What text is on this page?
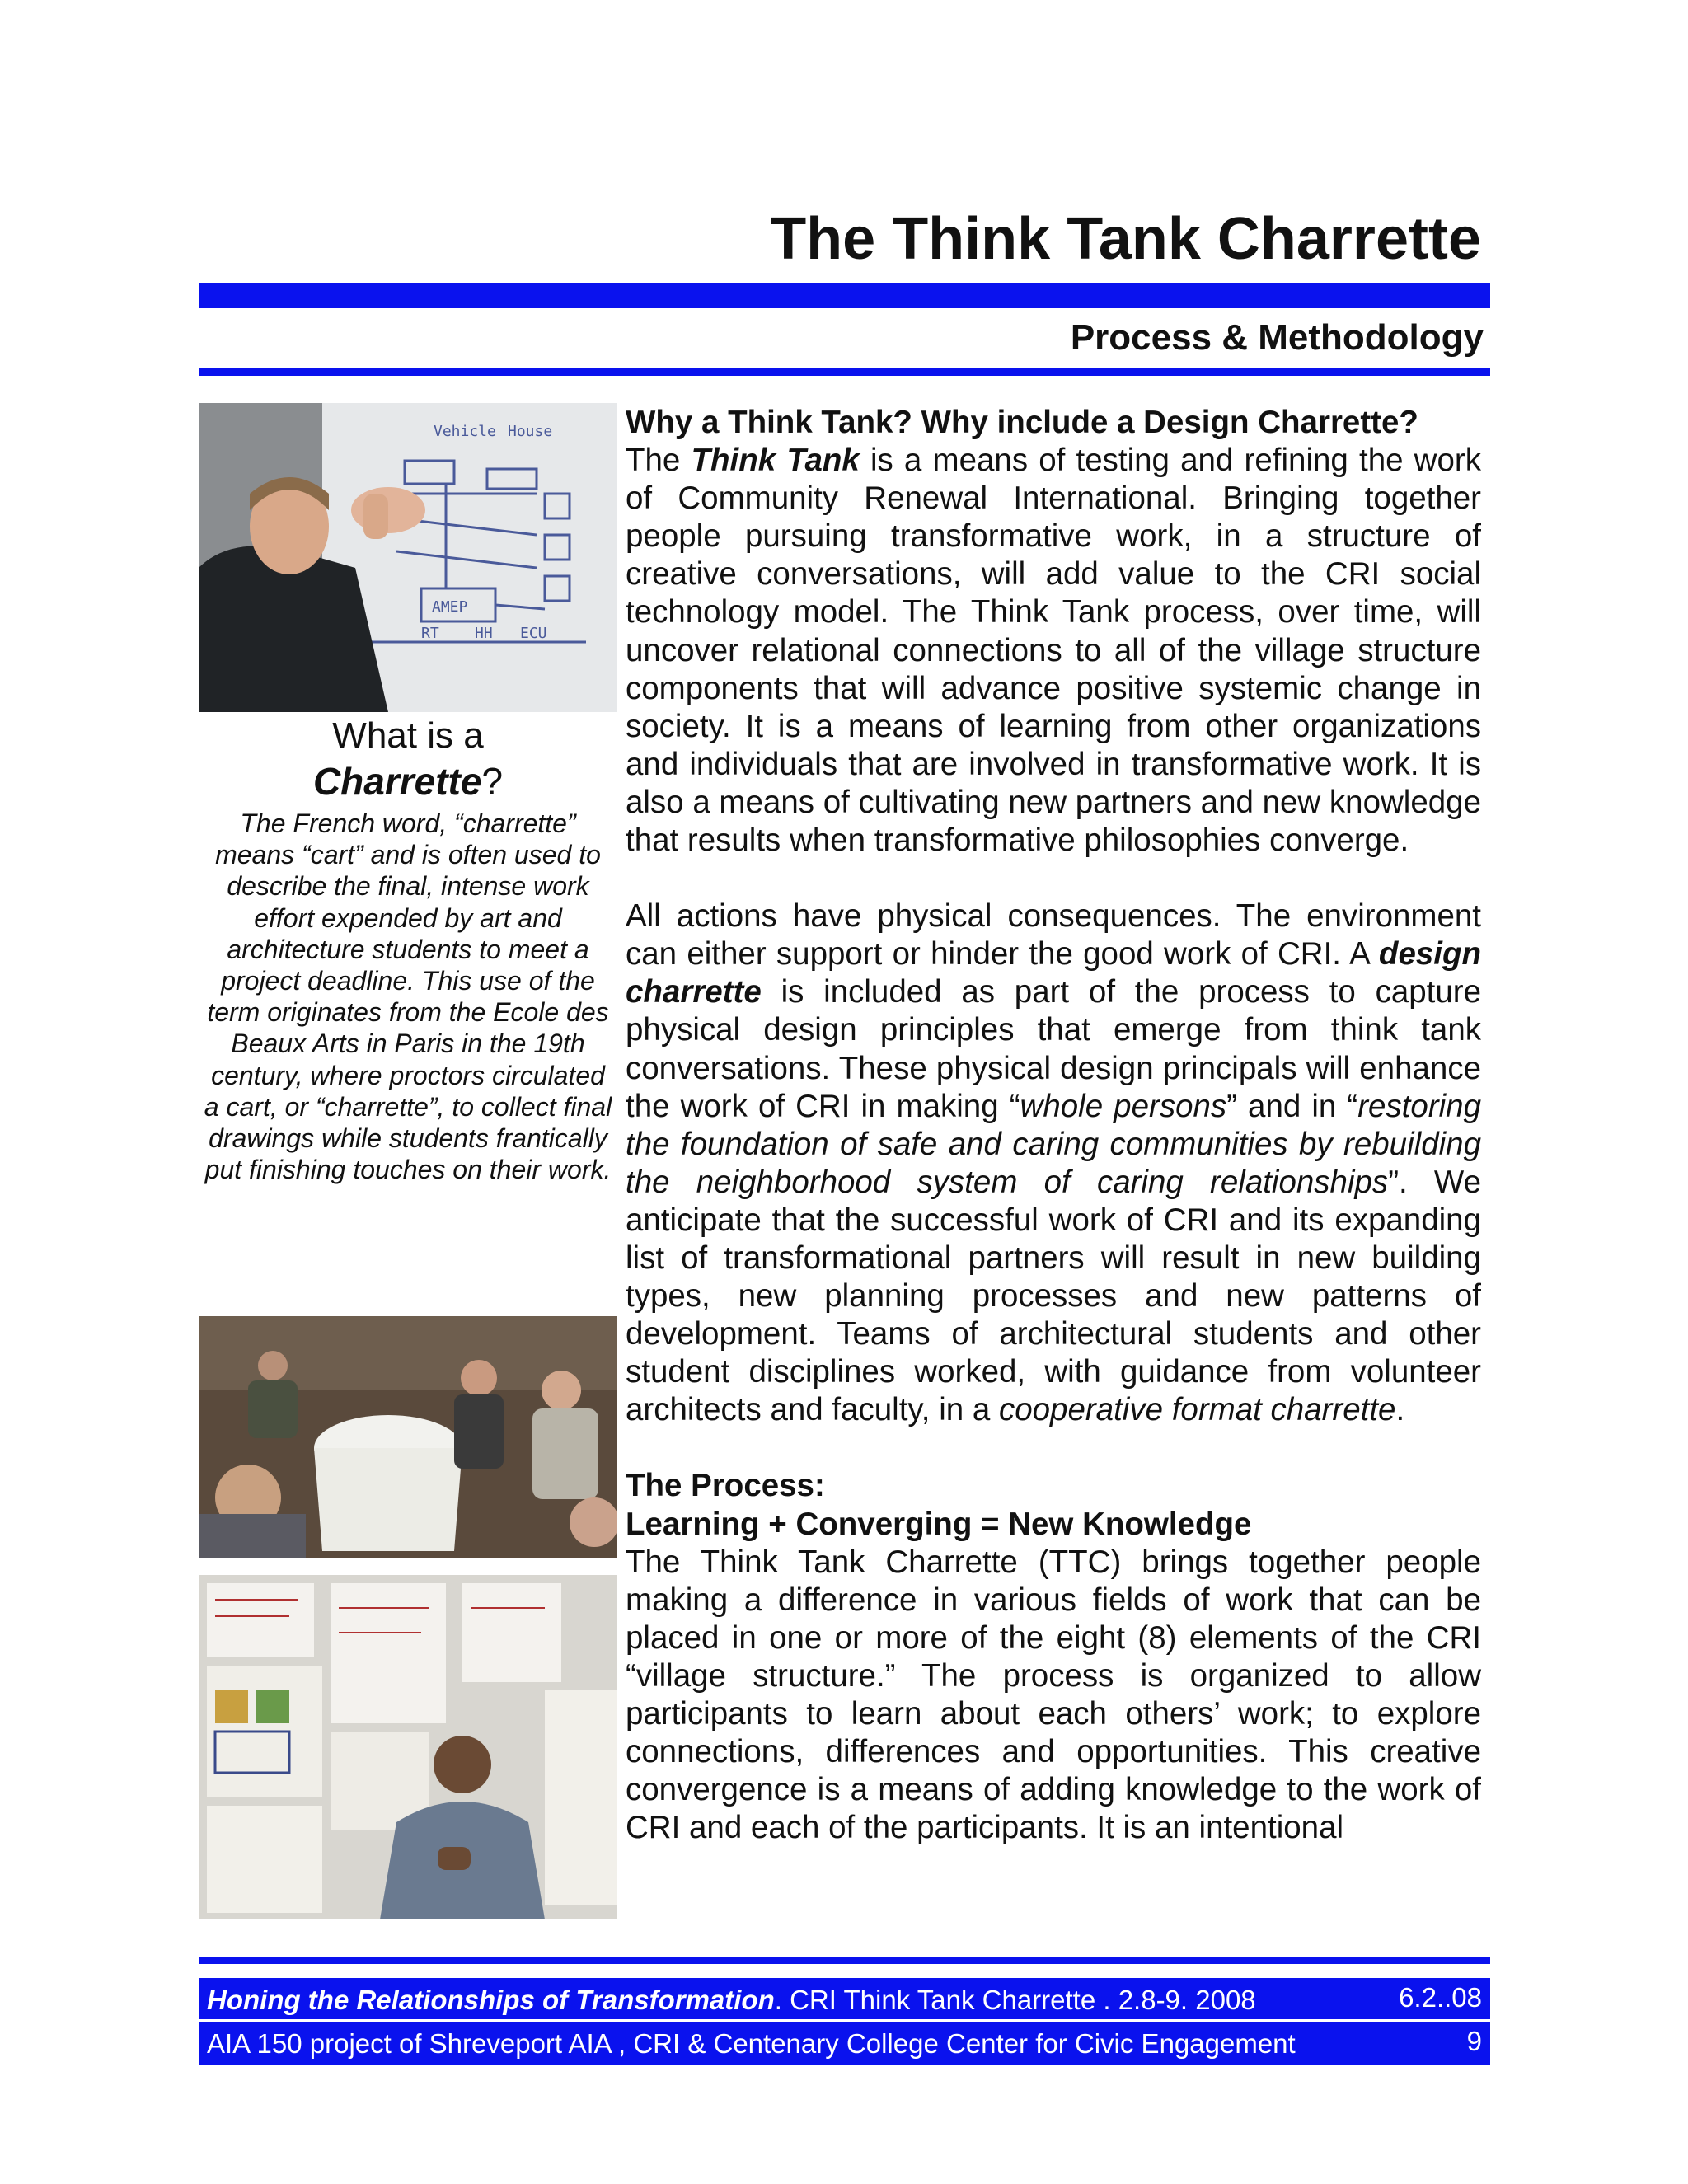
The Think Tank Charrette
Process & Methodology
Vehicle House
AMEP
RT HH ECU

What is a

Charrette?

The French word, “charrette” means “cart” and is often used to describe the final, intense work effort expended by art and architecture students to meet a project deadline. This use of the term originates from the Ecole des Beaux Arts in Paris in the 19th century, where proctors circulated a cart, or “charrette”, to collect final drawings while students frantically put finishing touches on their work.

Why a Think Tank? Why include a Design Charrette?

The Think Tank is a means of testing and refining the work of Community Renewal International. Bringing together people pursuing transformative work, in a structure of creative conversations, will add value to the CRI social technology model. The Think Tank process, over time, will uncover relational connections to all of the village structure components that will advance positive systemic change in society. It is a means of learning from other organizations and individuals that are involved in transformative work. It is also a means of cultivating new partners and new knowledge that results when transformative philosophies converge.

All actions have physical consequences. The environment can either support or hinder the good work of CRI. A design charrette is included as part of the process to capture physical design principles that emerge from think tank conversations. These physical design principals will enhance the work of CRI in making “whole persons” and in “restoring the foundation of safe and caring communities by rebuilding the neighborhood system of caring relationships”. We anticipate that the successful work of CRI and its expanding list of transformational partners will result in new building types, new planning processes and new patterns of development. Teams of architectural students and other student disciplines worked, with guidance from volunteer architects and faculty, in a cooperative format charrette.

The Process:

Learning + Converging = New Knowledge

The Think Tank Charrette (TTC) brings together people making a difference in various fields of work that can be placed in one or more of the eight (8) elements of the CRI “village structure.” The process is organized to allow participants to learn about each others’ work; to explore connections, differences and opportunities. This creative convergence is a means of adding knowledge to the work of CRI and each of the participants. It is an intentional

Honing the Relationships of Transformation. CRI Think Tank Charrette . 2.8-9. 2008	6.2..08
AIA 150 project of Shreveport AIA , CRI & Centenary College Center for Civic Engagement	9
